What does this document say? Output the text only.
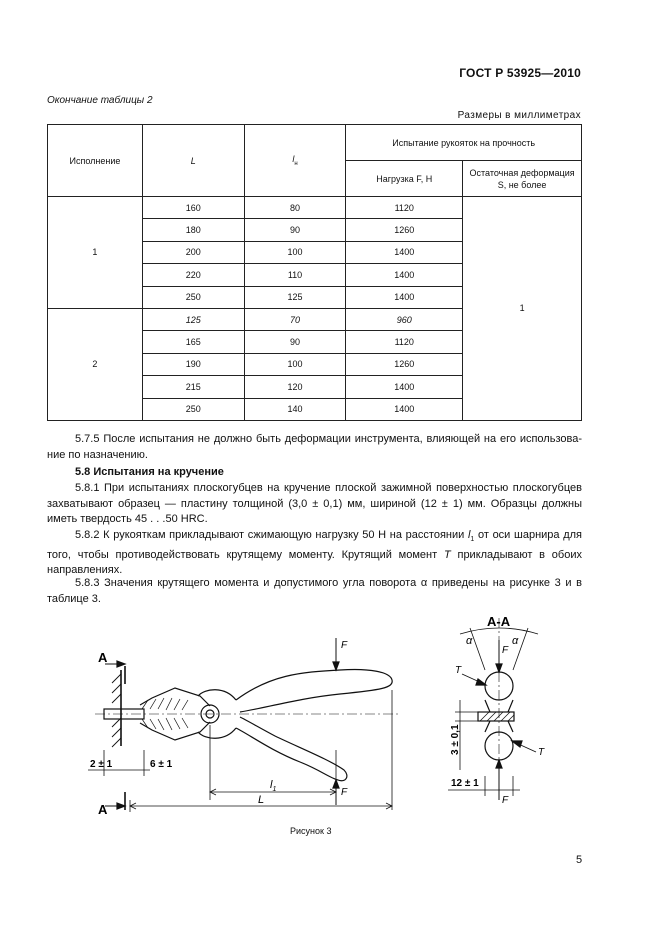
ГОСТ Р 53925—2010
Окончание таблицы 2
Размеры в миллиметрах
Исполнение	L	$l_н$	Испытание рукояток на прочность	
			Нагрузка F, Н	Остаточная деформация
S, не более
1	160	80	1120	1
	180	90	1260	
	200	100	1400	
	220	110	1400	
	250	125	1400	
2	125	70	960	
	165	90	1120	
	190	100	1260	
	215	120	1400	
	250	140	1400	
5.7.5 После испытания не должно быть деформации инструмента, влияющей на его использова-ние по назначению.
5.8 Испытания на кручение
5.8.1 При испытаниях плоскогубцев на кручение плоской зажимной поверхностью плоскогубцев захватывают образец — пластину толщиной (3,0 ± 0,1) мм, шириной (12 ± 1) мм. Образцы должны иметь твердость 45 . . .50 HRC.
5.8.2 К рукояткам прикладывают сжимающую нагрузку 50 Н на расстоянии $l_1$ от оси шарнира для того, чтобы противодействовать крутящему моменту. Крутящий момент T прикладывают в обоих направлениях.
5.8.3 Значения крутящего момента и допустимого угла поворота α приведены на рисунке 3 и в таблице 3.
А
А
F
F
2 ± 1	6 ± 1
$l_1$
L
А-А
α	α
F
F
T
T
3 ± 0,1
12 ± 1
Рисунок 3
5
